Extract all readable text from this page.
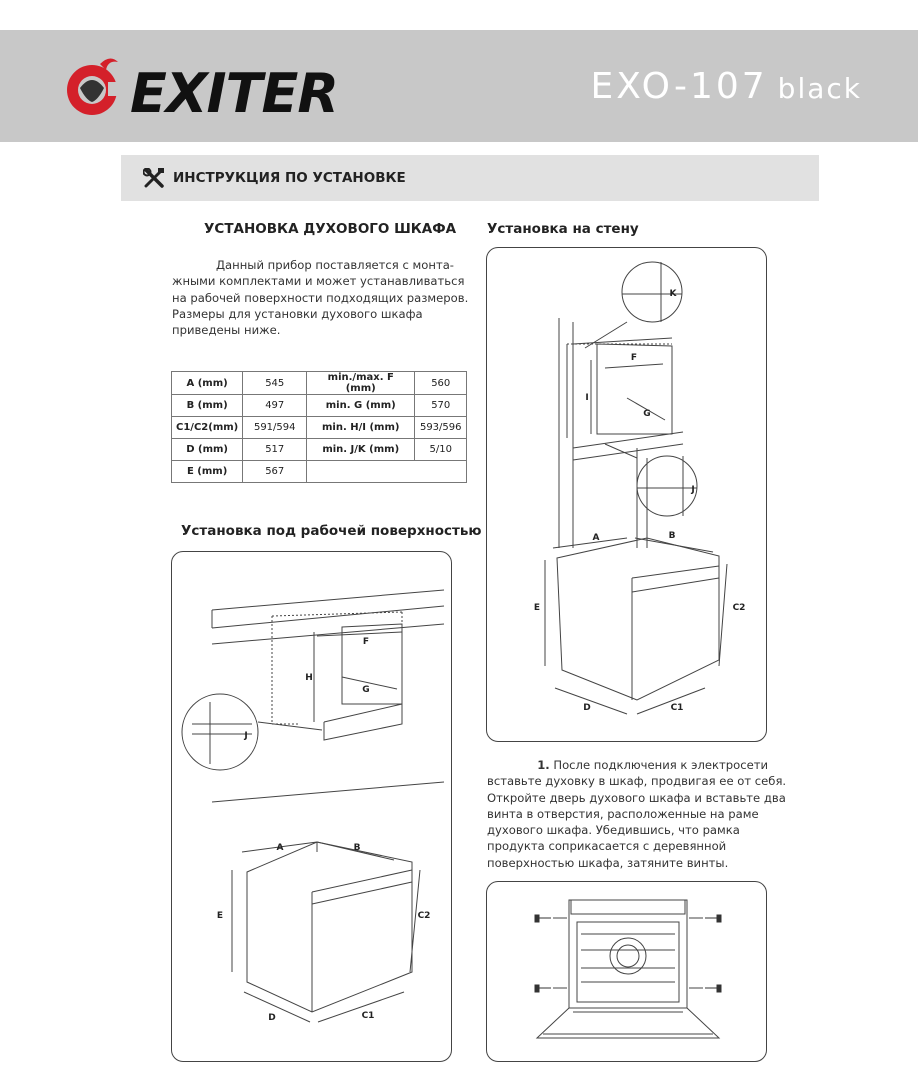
EXITER	EXO-107 black
ИНСТРУКЦИЯ ПО УСТАНОВКЕ
УСТАНОВКА ДУХОВОГО ШКАФА
Данный прибор поставляется с монта-
жными комплектами и может устанавливаться
на рабочей поверхности подходящих размеров.
Размеры для установки духового шкафа
приведены ниже.
A (mm)	545	min./max. F (mm)	560
B (mm)	497	min. G (mm)	570
C1/C2(mm)	591/594	min. H/I (mm)	593/596
D (mm)	517	min. J/K (mm)	5/10
E (mm)	567		
Установка под рабочей поверхностью
F
G
H
J
A	B
C2
E
D	C1
Установка на стену
K
F
G
I
J
A	B
C2
E
D	C1
1. После подключения к электросети
вставьте духовку в шкаф, продвигая ее от себя.
Откройте дверь духового шкафа и вставьте два
винта в отверстия, расположенные на раме
духового шкафа. Убедившись, что рамка
продукта соприкасается с деревянной
поверхностью шкафа, затяните винты.
